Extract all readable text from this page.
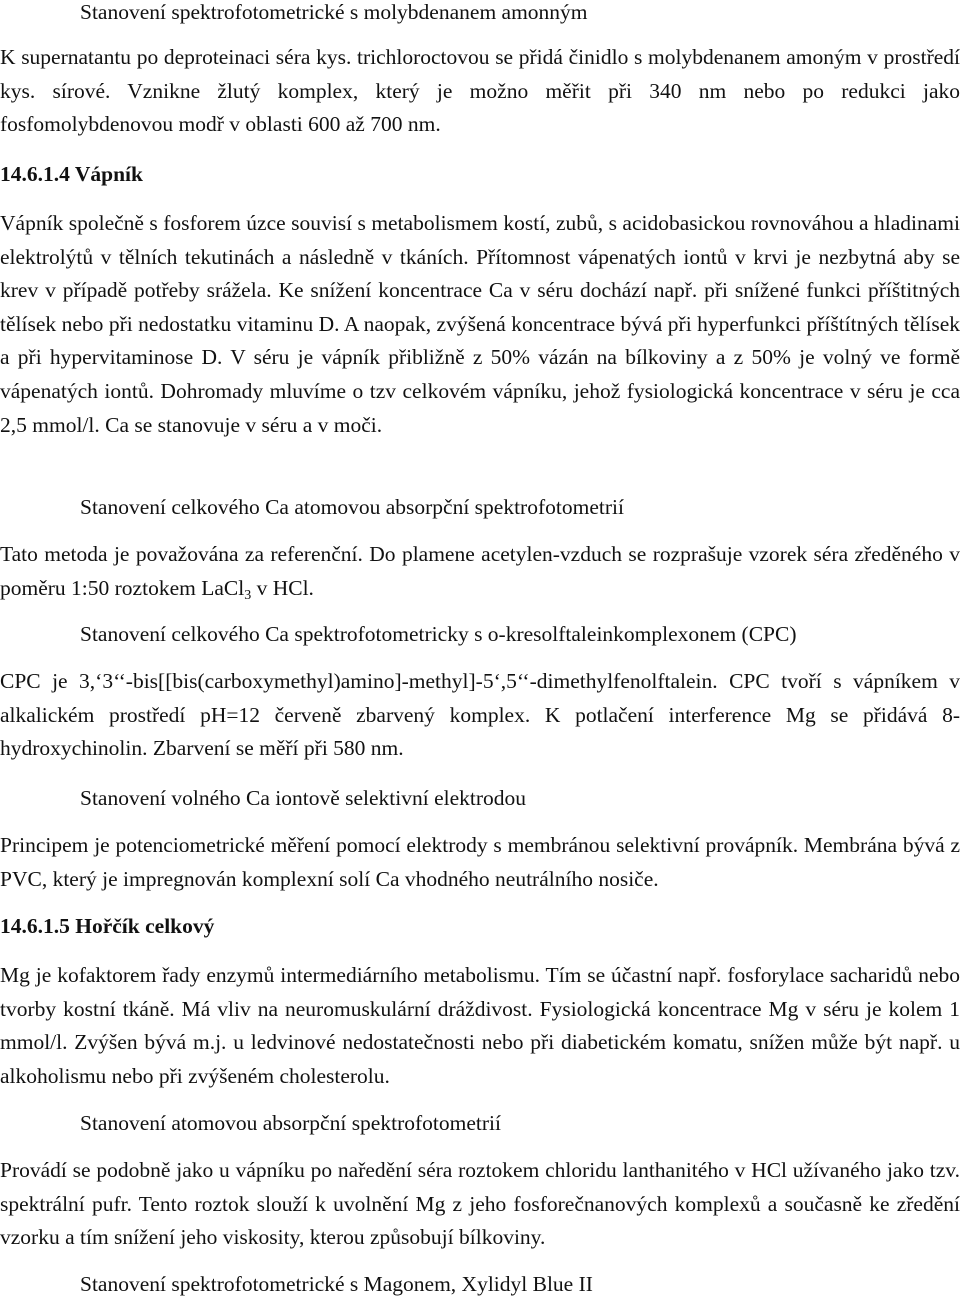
Stanovení spektrofotometrické s molybdenanem amonným
K supernatantu po deproteinaci séra kys. trichloroctovou se přidá činidlo s molybdenanem amoným v prostředí kys. sírové. Vznikne žlutý komplex, který je možno měřit při 340 nm nebo po redukci jako fosfomolybdenovou modř v oblasti 600 až 700 nm.
14.6.1.4 Vápník
Vápník společně s fosforem úzce souvisí s metabolismem kostí, zubů, s acidobasickou rovnováhou a hladinami elektrolýtů v tělních tekutinách a následně v tkáních. Přítomnost vápenatých iontů v krvi je nezbytná aby se krev v případě potřeby srážela. Ke snížení koncentrace Ca v séru dochází např. při snížené funkci příštitných tělísek nebo při nedostatku vitaminu D. A naopak, zvýšená koncentrace bývá při hyperfunkci příštítných tělísek a při hypervitaminose D. V séru je vápník přibližně z 50% vázán na bílkoviny a z 50% je volný ve formě vápenatých iontů. Dohromady mluvíme o tzv celkovém vápníku, jehož fysiologická koncentrace v séru je cca 2,5 mmol/l. Ca se stanovuje v séru a v moči.
Stanovení celkového Ca atomovou absorpční spektrofotometrií
Tato metoda je považována za referenční. Do plamene acetylen-vzduch se rozprašuje vzorek séra zředěného v poměru 1:50 roztokem LaCl$_3$ v HCl.
Stanovení celkového Ca spektrofotometricky s o-kresolftaleinkomplexonem (CPC)
CPC je 3,‘3‘‘-bis[[bis(carboxymethyl)amino]-methyl]-5‘,5‘‘-dimethylfenolftalein. CPC tvoří s vápníkem v alkalickém prostředí pH=12 červeně zbarvený komplex. K potlačení interference Mg se přidává 8-hydroxychinolin. Zbarvení se měří při 580 nm.
Stanovení volného Ca iontově selektivní elektrodou
Principem je potenciometrické měření pomocí elektrody s membránou selektivní provápník. Membrána bývá z PVC, který je impregnován komplexní solí Ca vhodného neutrálního nosiče.
14.6.1.5 Hořčík celkový
Mg je kofaktorem řady enzymů intermediárního metabolismu. Tím se účastní např. fosforylace sacharidů nebo tvorby kostní tkáně. Má vliv na neuromuskulární dráždivost. Fysiologická koncentrace Mg v séru je kolem 1 mmol/l. Zvýšen bývá m.j. u ledvinové nedostatečnosti nebo při diabetickém komatu, snížen může být např. u alkoholismu nebo při zvýšeném cholesterolu.
Stanovení atomovou absorpční spektrofotometrií
Provádí se podobně jako u vápníku po naředění séra roztokem chloridu lanthanitého v HCl užívaného jako tzv. spektrální pufr. Tento roztok slouží k uvolnění Mg z jeho fosforečnanových komplexů a současně ke zředění vzorku a tím snížení jeho viskosity, kterou způsobují bílkoviny.
Stanovení spektrofotometrické s Magonem, Xylidyl Blue II
